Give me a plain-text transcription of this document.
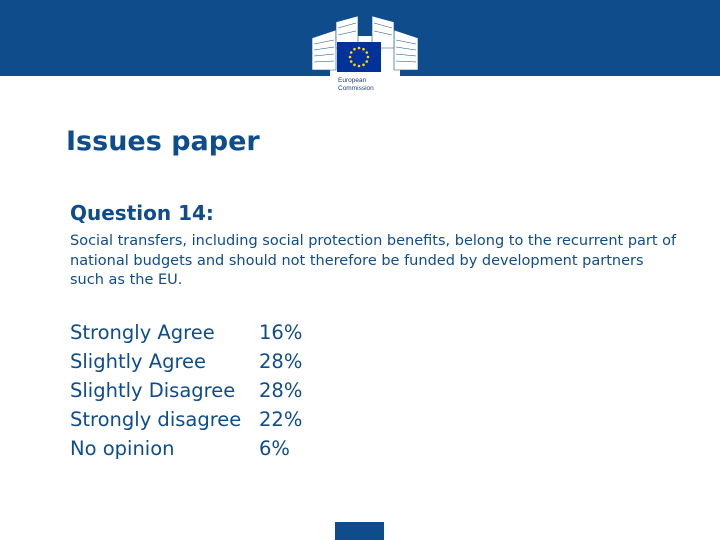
European
Commission
Issues paper
Question 14:

Social transfers, including social protection benefits, belong to the recurrent part of national budgets and should not therefore be funded by development partners such as the EU.

Strongly Agree 16%
Slightly Agree	28%
Slightly Disagree 28%
Strongly disagree 22%
No opinion	6%
